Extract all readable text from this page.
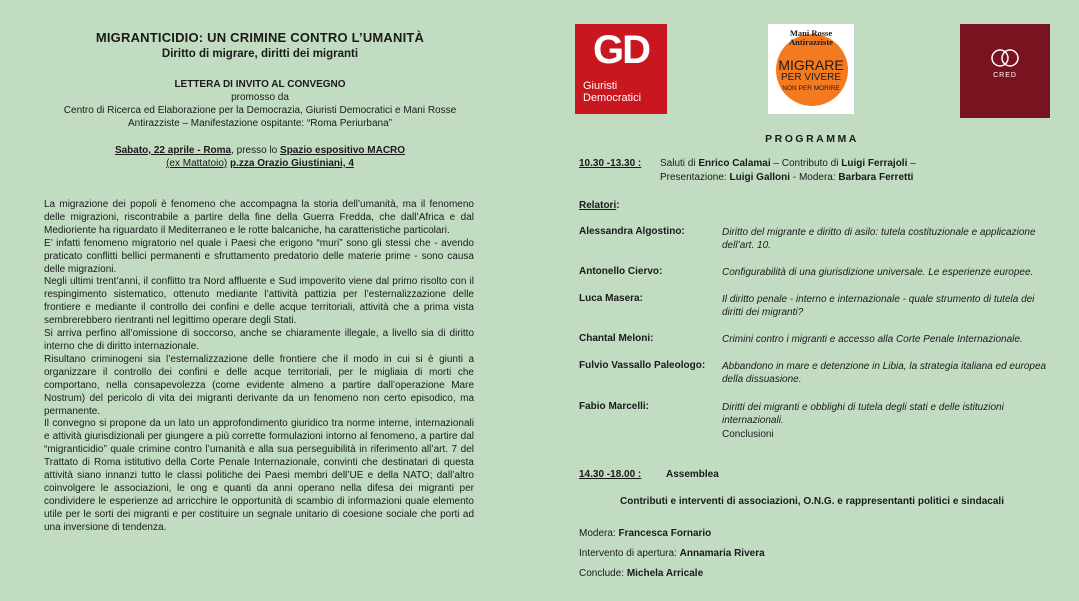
MIGRANTICIDIO: UN CRIMINE CONTRO L’UMANITÀ
Diritto di migrare, diritti dei migranti
LETTERA DI INVITO AL CONVEGNO
promosso da
Centro di Ricerca ed Elaborazione per la Democrazia, Giuristi Democratici e Mani Rosse
Antirazziste – Manifestazione ospitante: “Roma Periurbana”
Sabato, 22 aprile - Roma, presso lo Spazio espositivo MACRO
(ex Mattatoio) p.zza Orazio Giustiniani, 4

La migrazione dei popoli è fenomeno che accompagna la storia dell’umanità, ma il fenomeno delle migrazioni, riscontrabile a partire della fine della Guerra Fredda, che dall’Africa e dal Medioriente ha riguardato il Mediterraneo e le rotte balcaniche, ha caratteristiche particolari.

E’ infatti fenomeno migratorio nel quale i Paesi che erigono “muri” sono gli stessi che - avendo praticato conflitti bellici permanenti e sfruttamento predatorio delle materie prime - sono causa delle migrazioni.

Negli ultimi trent’anni, il conflitto tra Nord affluente e Sud impoverito viene dal primo risolto con il respingimento sistematico, ottenuto mediante l’attività pattizia per l’esternalizzazione delle frontiere e mediante il controllo dei confini e delle acque territoriali, attività che a prima vista sembrerebbero rientranti nel legittimo operare degli Stati.

Si arriva perfino all’omissione di soccorso, anche se chiaramente illegale, a livello sia di diritto interno che di diritto internazionale.

Risultano criminogeni sia l’esternalizzazione delle frontiere che il modo in cui si è giunti a organizzare il controllo dei confini e delle acque territoriali, per le migliaia di morti che comportano, nella consapevolezza (come evidente almeno a partire dall’operazione Mare Nostrum) del pericolo di vita dei migranti derivante da un fenomeno non certo episodico, ma permanente.

Il convegno si propone da un lato un approfondimento giuridico tra norme interne, internazionali e attività giurisdizionali per giungere a più corrette formulazioni intorno al fenomeno, a partire dal “migranticidio” quale crimine contro l’umanità e alla sua perseguibilità in riferimento all’art. 7 del Trattato di Roma istitutivo della Corte Penale Internazionale, convinti che destinatari di questa attività siano innanzi tutto le classi politiche dei Paesi membri dell’UE e della NATO; dall’altro coinvolgere le associazioni, le ong e quanti da anni operano nella difesa dei migranti per condividere le esperienze ad arricchire le opportunità di scambio di informazioni quale elemento utile per le sorti dei migranti e per costituire un segnale unitario di coesione sociale che porti ad una inversione di tendenza.

GD
Giuristi
Democratici
Mani Rosse
Antirazziste
MIGRARE
PER VIVERE
NON PER MORIRE
CRED
PROGRAMMA
10.30 -13.30 : Saluti di Enrico Calamai – Contributo di Luigi Ferrajoli –
Presentazione: Luigi Galloni - Modera: Barbara Ferretti
Relatori:
Alessandra Algostino:	Diritto del migrante e diritto di asilo: tutela costituzionale e applicazione dell’art. 10.
Antonello Ciervo:	Configurabilità di una giurisdizione universale. Le esperienze europee.
Luca Masera:	Il diritto penale - interno e internazionale - quale strumento di tutela dei diritti dei migranti?
Chantal Meloni:	Crimini contro i migranti e accesso alla Corte Penale Internazionale.
Fulvio Vassallo Paleologo: Abbandono in mare e detenzione in Libia, la strategia italiana ed europea della dissuasione.
Fabio Marcelli:	Diritti dei migranti e obblighi di tutela degli stati e delle istituzioni internazionali.
Conclusioni
14.30 -18.00 : Assemblea
Contributi e interventi di associazioni, O.N.G. e rappresentanti politici e sindacali
Modera: Francesca Fornario
Intervento di apertura: Annamaria Rivera
Conclude: Michela Arricale
